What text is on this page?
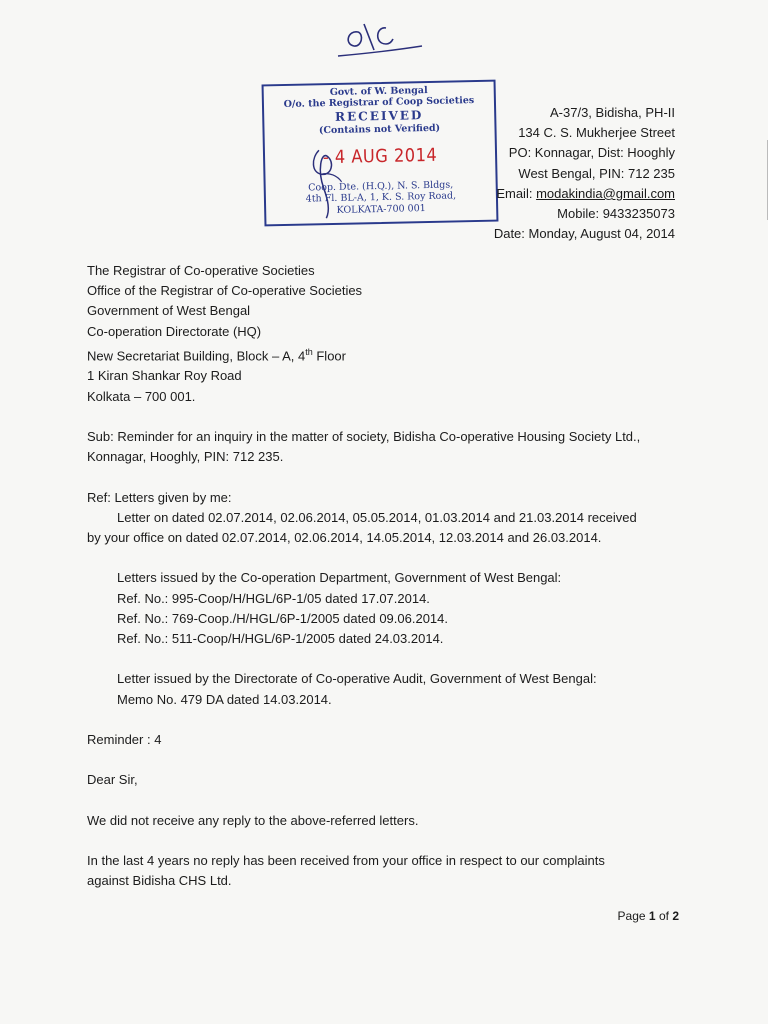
Govt. of W. Bengal
O/o. the Registrar of Coop Societies
RECEIVED
(Contains not Verified)
- 4 AUG 2014
Coop. Dte. (H.Q.), N. S. Bldgs,
4th Fl. BL-A, 1, K. S. Roy Road,
KOLKATA-700 001
A-37/3, Bidisha, PH-II
134 C. S. Mukherjee Street
PO: Konnagar, Dist: Hooghly
West Bengal, PIN: 712 235
Email: modakindia@gmail.com
Mobile: 9433235073
Date: Monday, August 04, 2014

The Registrar of Co-operative Societies

Office of the Registrar of Co-operative Societies

Government of West Bengal

Co-operation Directorate (HQ)

New Secretariat Building, Block – A, 4th Floor

1 Kiran Shankar Roy Road

Kolkata – 700 001.

Sub: Reminder for an inquiry in the matter of society, Bidisha Co-operative Housing Society Ltd.,

Konnagar, Hooghly, PIN: 712 235.

Ref: Letters given by me:

Letter on dated 02.07.2014, 02.06.2014, 05.05.2014, 01.03.2014 and 21.03.2014 received

by your office on dated 02.07.2014, 02.06.2014, 14.05.2014, 12.03.2014 and 26.03.2014.

Letters issued by the Co-operation Department, Government of West Bengal:

Ref. No.: 995-Coop/H/HGL/6P-1/05 dated 17.07.2014.

Ref. No.: 769-Coop./H/HGL/6P-1/2005 dated 09.06.2014.

Ref. No.: 511-Coop/H/HGL/6P-1/2005 dated 24.03.2014.

Letter issued by the Directorate of Co-operative Audit, Government of West Bengal:

Memo No. 479 DA dated 14.03.2014.

Reminder : 4

Dear Sir,

We did not receive any reply to the above-referred letters.

In the last 4 years no reply has been received from your office in respect to our complaints

against Bidisha CHS Ltd.

Page 1 of 2
